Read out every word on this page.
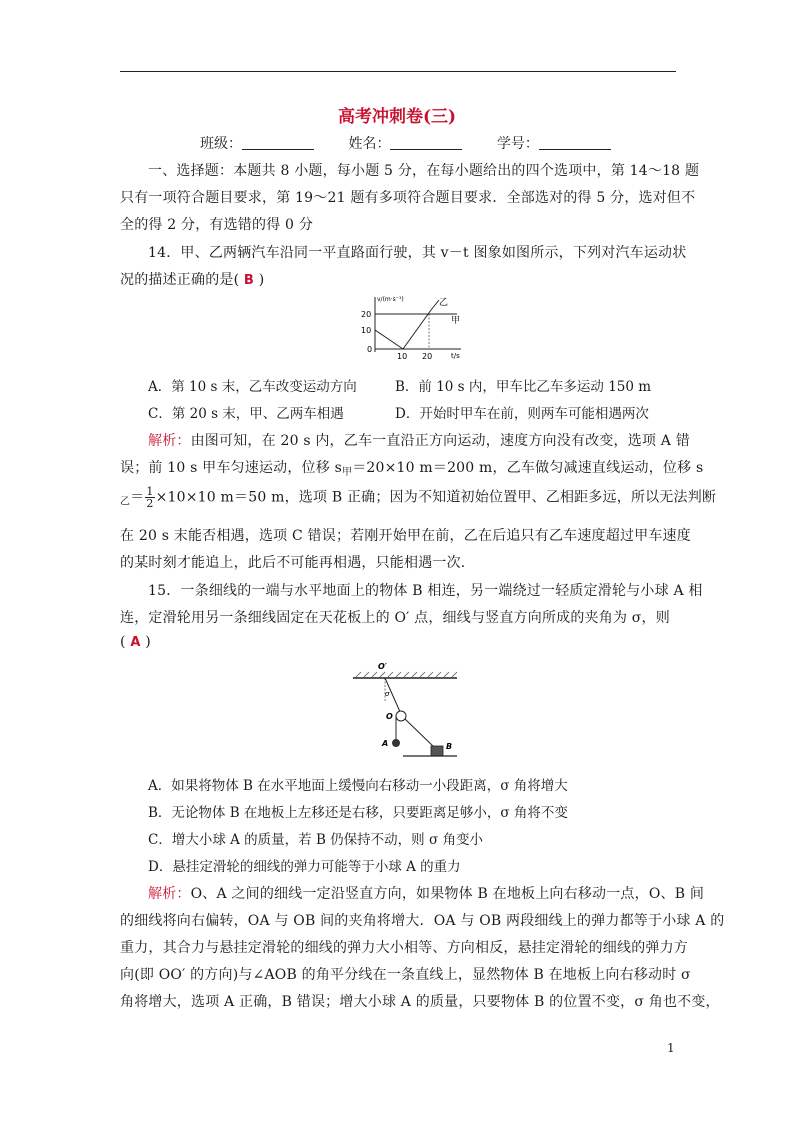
高考冲刺卷(三)
班级：	姓名：	学号：
一、选择题：本题共 8 小题，每小题 5 分，在每小题给出的四个选项中，第 14～18 题
只有一项符合题目要求，第 19～21 题有多项符合题目要求．全部选对的得 5 分，选对但不
全的得 2 分，有选错的得 0 分
14．甲、乙两辆汽车沿同一平直路面行驶，其 v－t 图象如图所示，下列对汽车运动状
况的描述正确的是( B )
v/(m·s⁻¹)
t/s
20
10
0
10 20
乙
甲
A．第 10 s 末，乙车改变运动方向	B．前 10 s 内，甲车比乙车多运动 150 m
C．第 20 s 末，甲、乙两车相遇	D．开始时甲车在前，则两车可能相遇两次
解析：由图可知，在 20 s 内，乙车一直沿正方向运动，速度方向没有改变，选项 A 错
误；前 10 s 甲车匀速运动，位移 $s_甲=20\times 10$ m＝200 m，乙车做匀减速直线运动，位移 s
$_乙= \frac{1}{2} \times 10\times 10$ m＝50 m，选项 B 正确；因为不知道初始位置甲、乙相距多远，所以无法判断
在 20 s 末能否相遇，选项 C 错误；若刚开始甲在前，乙在后追只有乙车速度超过甲车速度
的某时刻才能追上，此后不可能再相遇，只能相遇一次．
15．一条细线的一端与水平地面上的物体 B 相连，另一端绕过一轻质定滑轮与小球 A 相
连，定滑轮用另一条细线固定在天花板上的 O′ 点，细线与竖直方向所成的夹角为 σ，则
( A )
O′
σ
O
A	B
A．如果将物体 B 在水平地面上缓慢向右移动一小段距离，σ 角将增大
B．无论物体 B 在地板上左移还是右移，只要距离足够小，σ 角将不变
C．增大小球 A 的质量，若 B 仍保持不动，则 σ 角变小
D．悬挂定滑轮的细线的弹力可能等于小球 A 的重力
解析：O、A 之间的细线一定沿竖直方向，如果物体 B 在地板上向右移动一点，O、B 间
的细线将向右偏转，OA 与 OB 间的夹角将增大．OA 与 OB 两段细线上的弹力都等于小球 A 的
重力，其合力与悬挂定滑轮的细线的弹力大小相等、方向相反，悬挂定滑轮的细线的弹力方
向(即 OO′ 的方向)与∠AOB 的角平分线在一条直线上，显然物体 B 在地板上向右移动时 σ
角将增大，选项 A 正确，B 错误；增大小球 A 的质量，只要物体 B 的位置不变，σ 角也不变，
1
